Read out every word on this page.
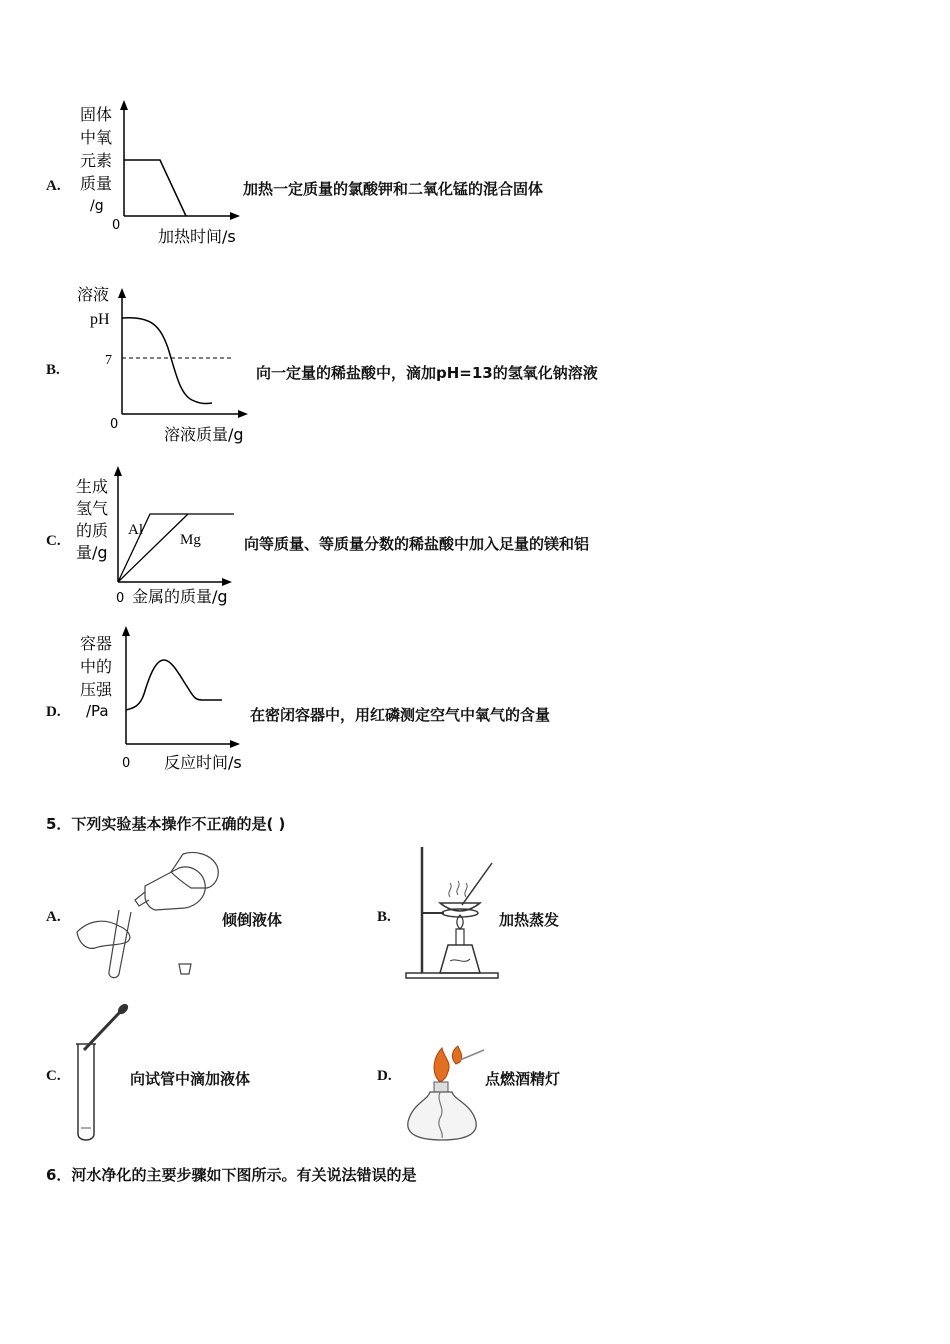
A.
固体
中氧
元素
质量
/g
0
加热时间/s
加热一定质量的氯酸钾和二氧化锰的混合固体
B.
溶液
pH
7
0
溶液质量/g
向一定量的稀盐酸中，滴加pH=13的氢氧化钠溶液
C.
生成
氢气
的质
量/g
Al
Mg
0 金属的质量/g
向等质量、等质量分数的稀盐酸中加入足量的镁和铝
D.
容器
中的
压强
/Pa
0 反应时间/s
在密闭容器中，用红磷测定空气中氧气的含量
5．下列实验基本操作不正确的是( )
A.	倾倒液体	B.	加热蒸发
C.	向试管中滴加液体	D.	点燃酒精灯
6．河水净化的主要步骤如下图所示。有关说法错误的是
